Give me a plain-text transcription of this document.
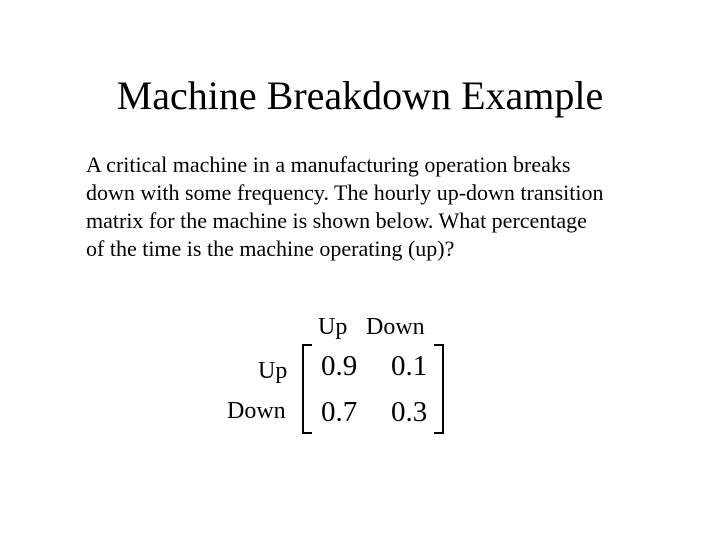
Machine Breakdown Example
A critical machine in a manufacturing operation breaks
down with some frequency. The hourly up-down transition
matrix for the machine is shown below. What percentage
of the time is the machine operating (up)?
Up Down
Up
Down
0.9 0.1
0.7 0.3
